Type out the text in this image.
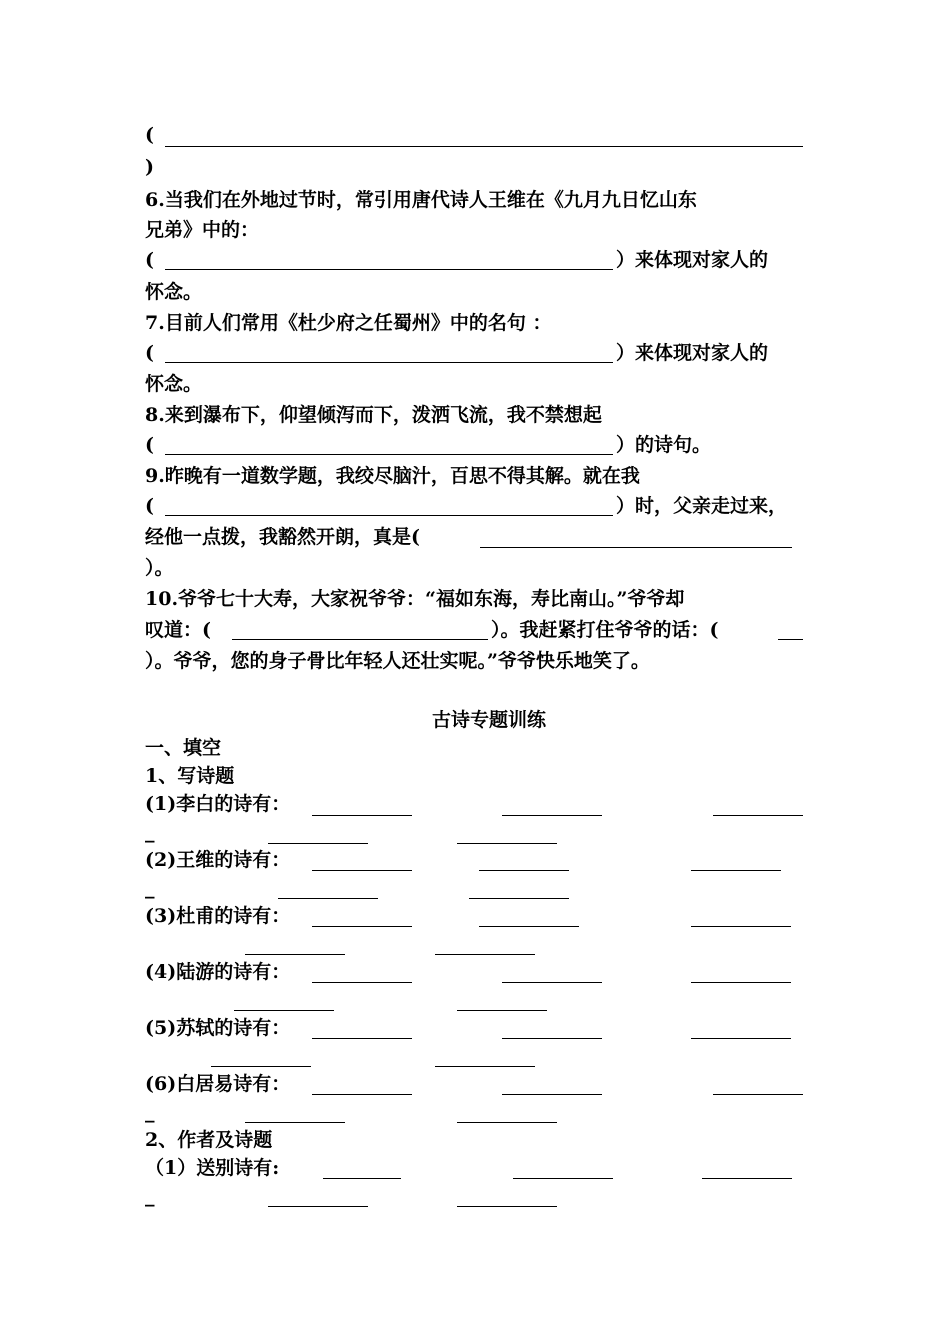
(
)
6.当我们在外地过节时，常引用唐代诗人王维在《九月九日忆山东
兄弟》中的：
(	）来体现对家人的
怀念。
7.目前人们常用《杜少府之任蜀州》中的名句 ：
(	）来体现对家人的
怀念。
8.来到瀑布下，仰望倾泻而下，泼洒飞流，我不禁想起
(	）的诗句。
9.昨晚有一道数学题，我绞尽脑汁，百思不得其解。就在我
(	）时，父亲走过来，
经他一点拨，我豁然开朗，真是(
）。
10.爷爷七十大寿，大家祝爷爷：“福如东海，寿比南山。”爷爷却
叹道：(	）。我赶紧打住爷爷的话：(
）。爷爷，您的身子骨比年轻人还壮实呢。”爷爷快乐地笑了。
古诗专题训练
一、填空
1、写诗题
(1)李白的诗有：
_
(2)王维的诗有：
_
(3)杜甫的诗有：
(4)陆游的诗有：
(5)苏轼的诗有：
(6)白居易诗有：
_
2、作者及诗题
（1）送别诗有:
_
